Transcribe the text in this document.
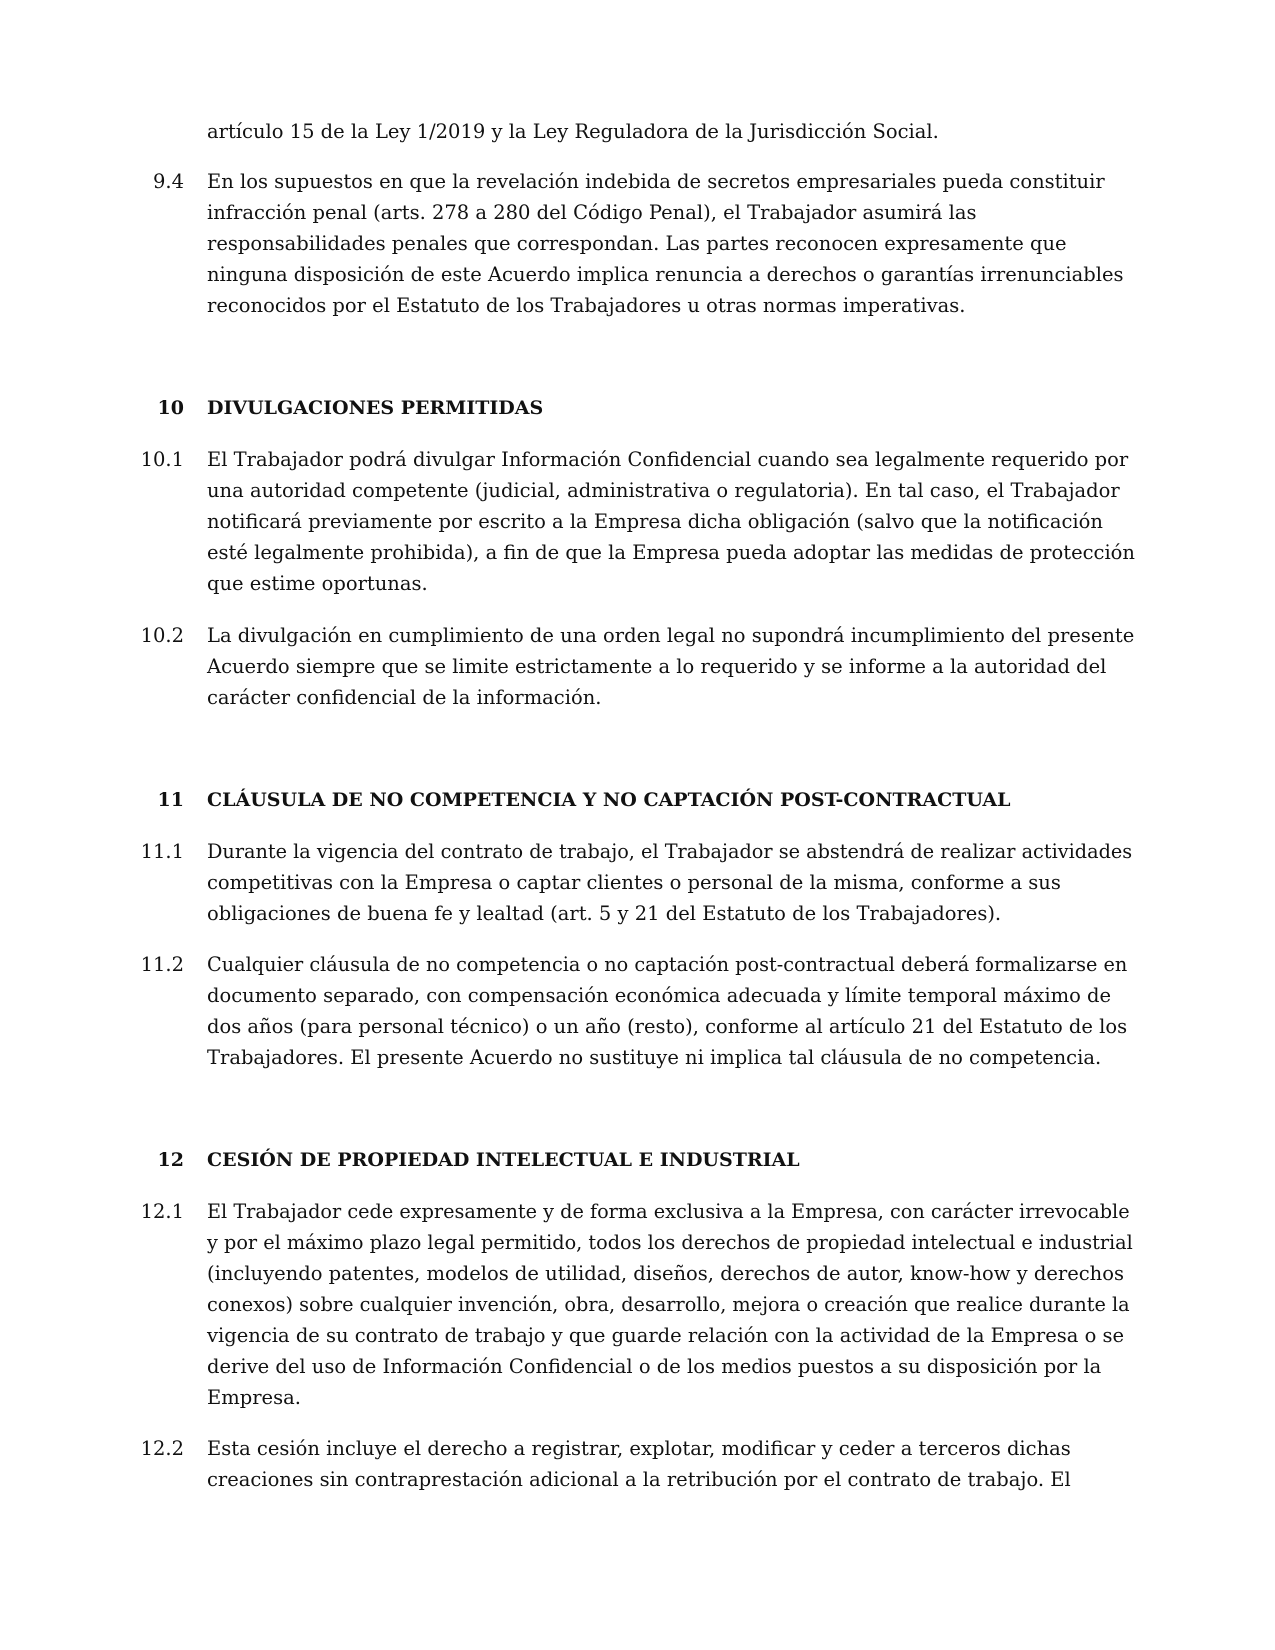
artículo 15 de la Ley 1/2019 y la Ley Reguladora de la Jurisdicción Social.
9.4 En los supuestos en que la revelación indebida de secretos empresariales pueda constituir
infracción penal (arts. 278 a 280 del Código Penal), el Trabajador asumirá las
responsabilidades penales que correspondan. Las partes reconocen expresamente que
ninguna disposición de este Acuerdo implica renuncia a derechos o garantías irrenunciables
reconocidos por el Estatuto de los Trabajadores u otras normas imperativas.
10 DIVULGACIONES PERMITIDAS
10.1 El Trabajador podrá divulgar Información Confidencial cuando sea legalmente requerido por
una autoridad competente (judicial, administrativa o regulatoria). En tal caso, el Trabajador
notificará previamente por escrito a la Empresa dicha obligación (salvo que la notificación
esté legalmente prohibida), a fin de que la Empresa pueda adoptar las medidas de protección
que estime oportunas.
10.2 La divulgación en cumplimiento de una orden legal no supondrá incumplimiento del presente
Acuerdo siempre que se limite estrictamente a lo requerido y se informe a la autoridad del
carácter confidencial de la información.
11 CLÁUSULA DE NO COMPETENCIA Y NO CAPTACIÓN POST-CONTRACTUAL
11.1 Durante la vigencia del contrato de trabajo, el Trabajador se abstendrá de realizar actividades
competitivas con la Empresa o captar clientes o personal de la misma, conforme a sus
obligaciones de buena fe y lealtad (art. 5 y 21 del Estatuto de los Trabajadores).
11.2 Cualquier cláusula de no competencia o no captación post-contractual deberá formalizarse en
documento separado, con compensación económica adecuada y límite temporal máximo de
dos años (para personal técnico) o un año (resto), conforme al artículo 21 del Estatuto de los
Trabajadores. El presente Acuerdo no sustituye ni implica tal cláusula de no competencia.
12 CESIÓN DE PROPIEDAD INTELECTUAL E INDUSTRIAL
12.1 El Trabajador cede expresamente y de forma exclusiva a la Empresa, con carácter irrevocable
y por el máximo plazo legal permitido, todos los derechos de propiedad intelectual e industrial
(incluyendo patentes, modelos de utilidad, diseños, derechos de autor, know-how y derechos
conexos) sobre cualquier invención, obra, desarrollo, mejora o creación que realice durante la
vigencia de su contrato de trabajo y que guarde relación con la actividad de la Empresa o se
derive del uso de Información Confidencial o de los medios puestos a su disposición por la
Empresa.
12.2 Esta cesión incluye el derecho a registrar, explotar, modificar y ceder a terceros dichas
creaciones sin contraprestación adicional a la retribución por el contrato de trabajo. El
